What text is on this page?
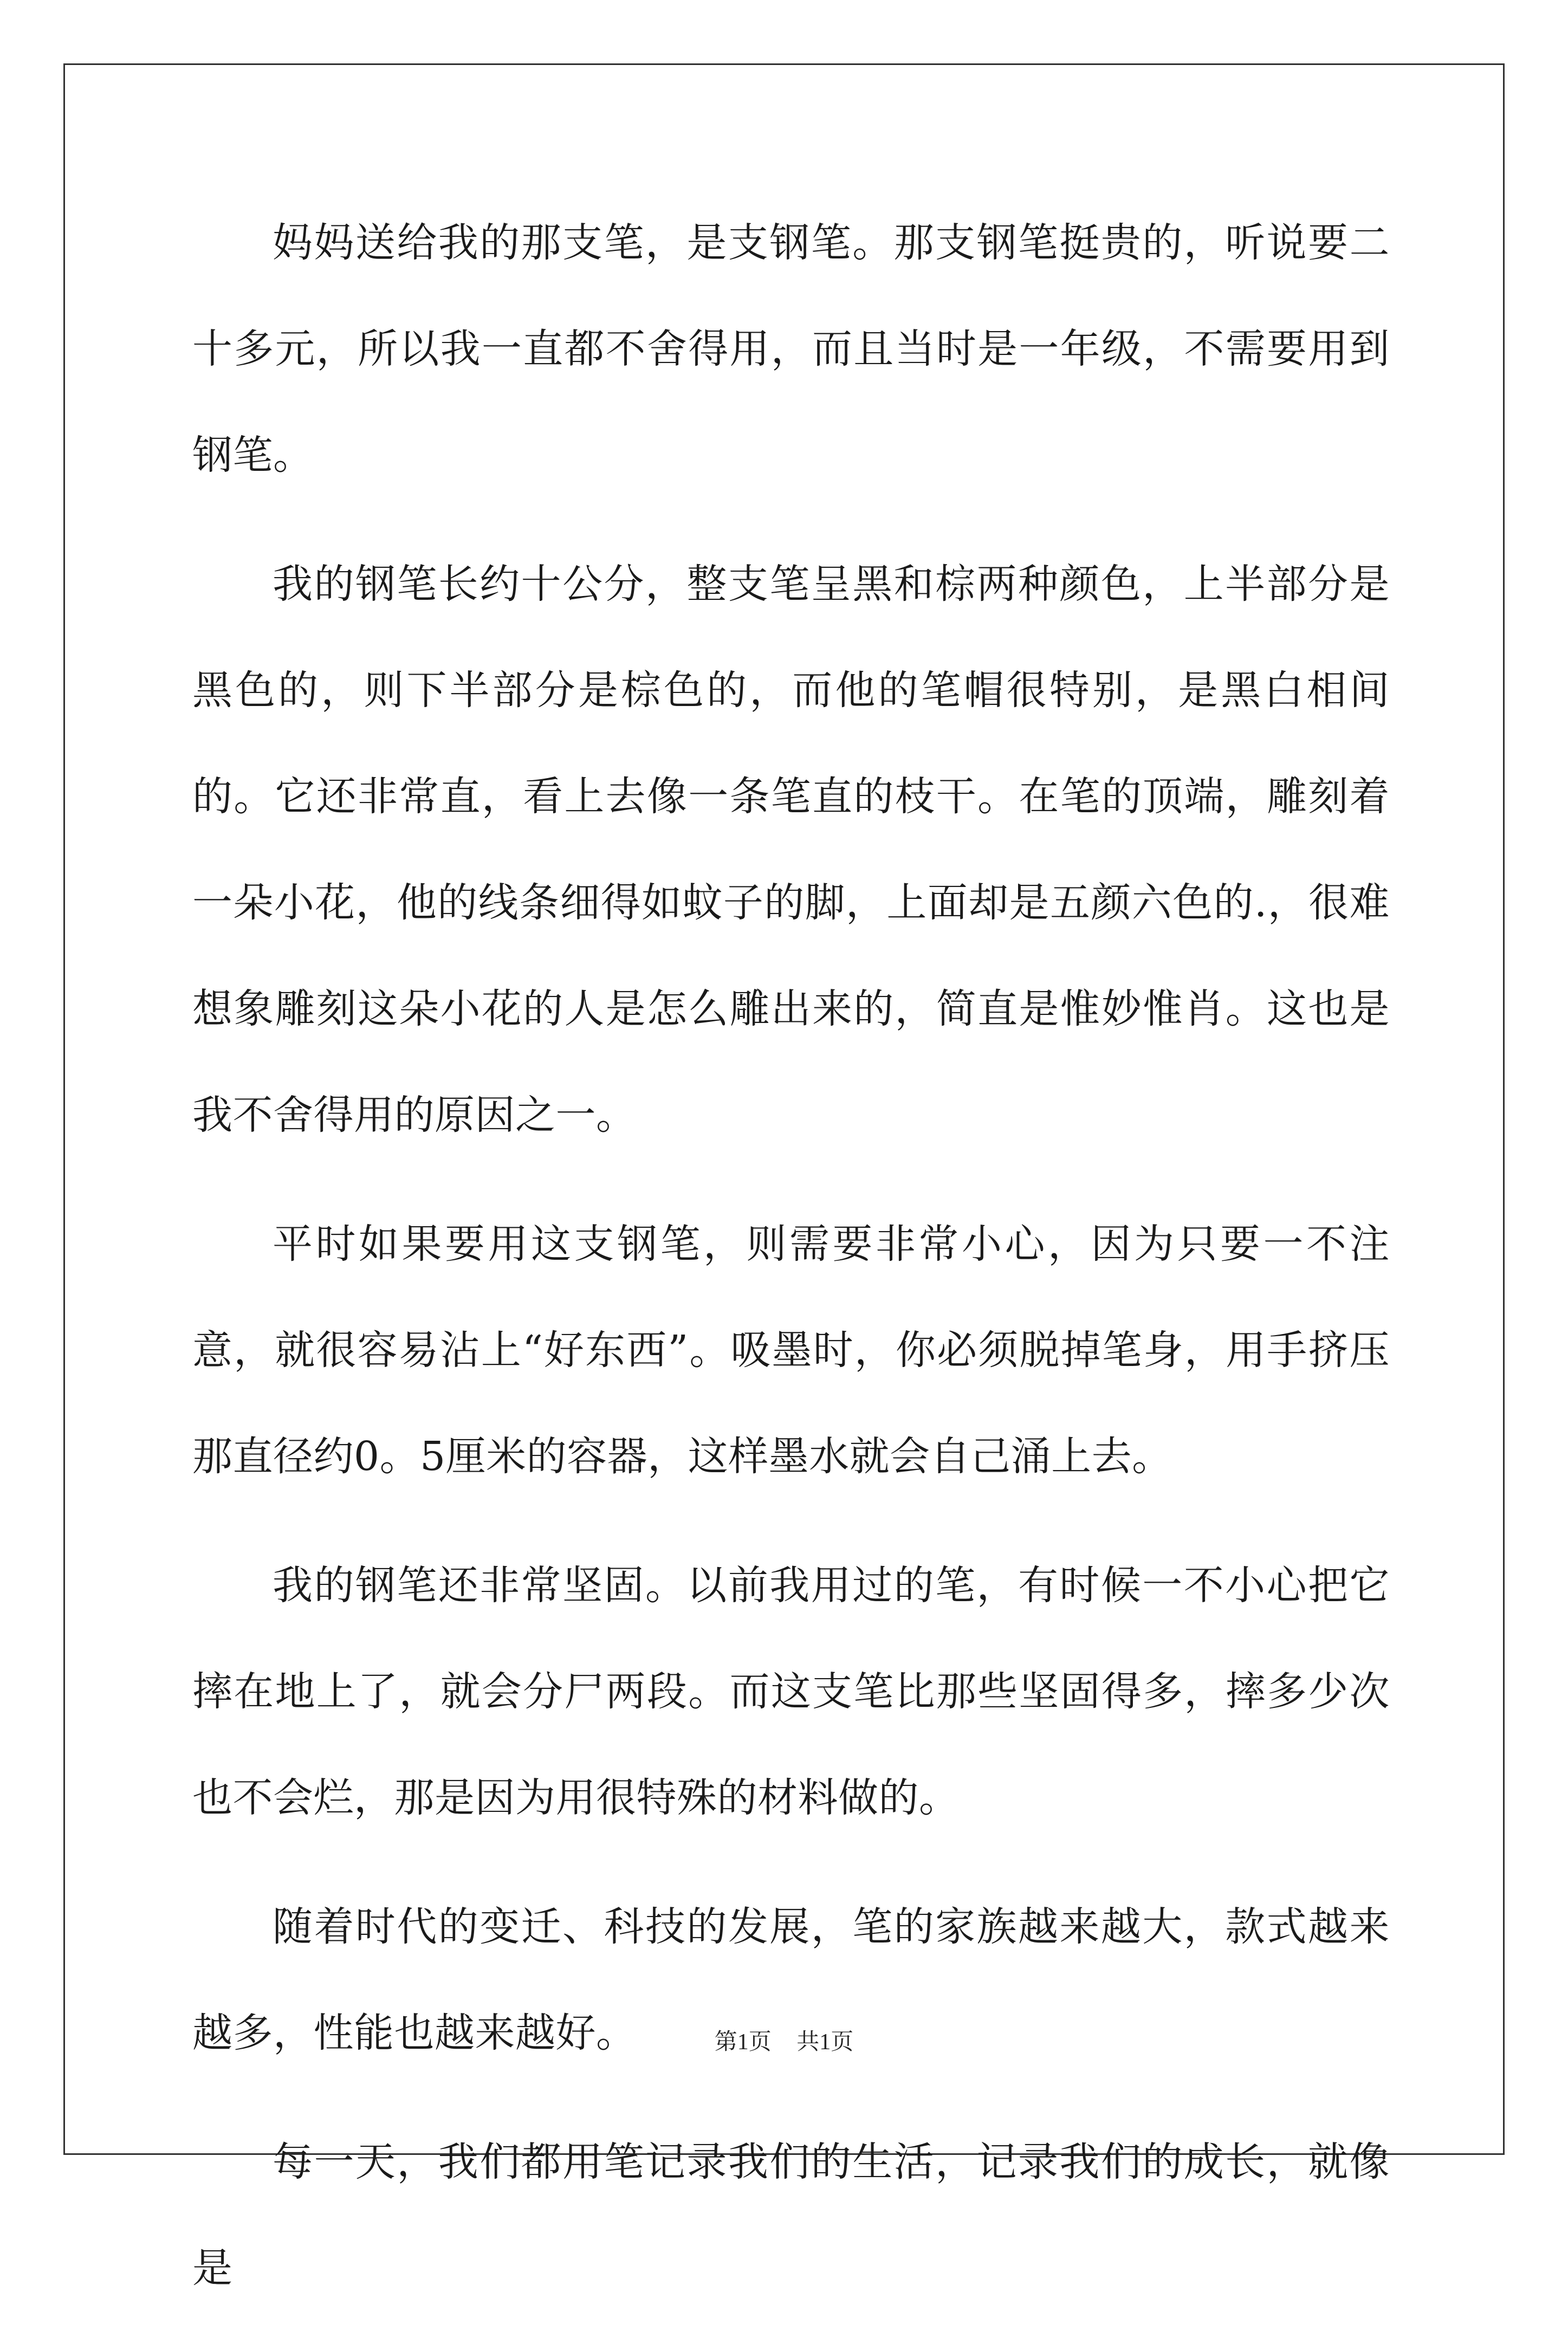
妈妈送给我的那支笔，是支钢笔。那支钢笔挺贵的，听说要二十多元，所以我一直都不舍得用，而且当时是一年级，不需要用到钢笔。

我的钢笔长约十公分，整支笔呈黑和棕两种颜色，上半部分是黑色的，则下半部分是棕色的，而他的笔帽很特别，是黑白相间的。它还非常直，看上去像一条笔直的枝干。在笔的顶端，雕刻着一朵小花，他的线条细得如蚊子的脚，上面却是五颜六色的.，很难想象雕刻这朵小花的人是怎么雕出来的，简直是惟妙惟肖。这也是我不舍得用的原因之一。

平时如果要用这支钢笔，则需要非常小心，因为只要一不注意，就很容易沾上“好东西”。吸墨时，你必须脱掉笔身，用手挤压那直径约0。5厘米的容器，这样墨水就会自己涌上去。

我的钢笔还非常坚固。以前我用过的笔，有时候一不小心把它摔在地上了，就会分尸两段。而这支笔比那些坚固得多，摔多少次也不会烂，那是因为用很特殊的材料做的。

随着时代的变迁、科技的发展，笔的家族越来越大，款式越来越多，性能也越来越好。

每一天，我们都用笔记录我们的生活，记录我们的成长，就像是

第1页 共1页
